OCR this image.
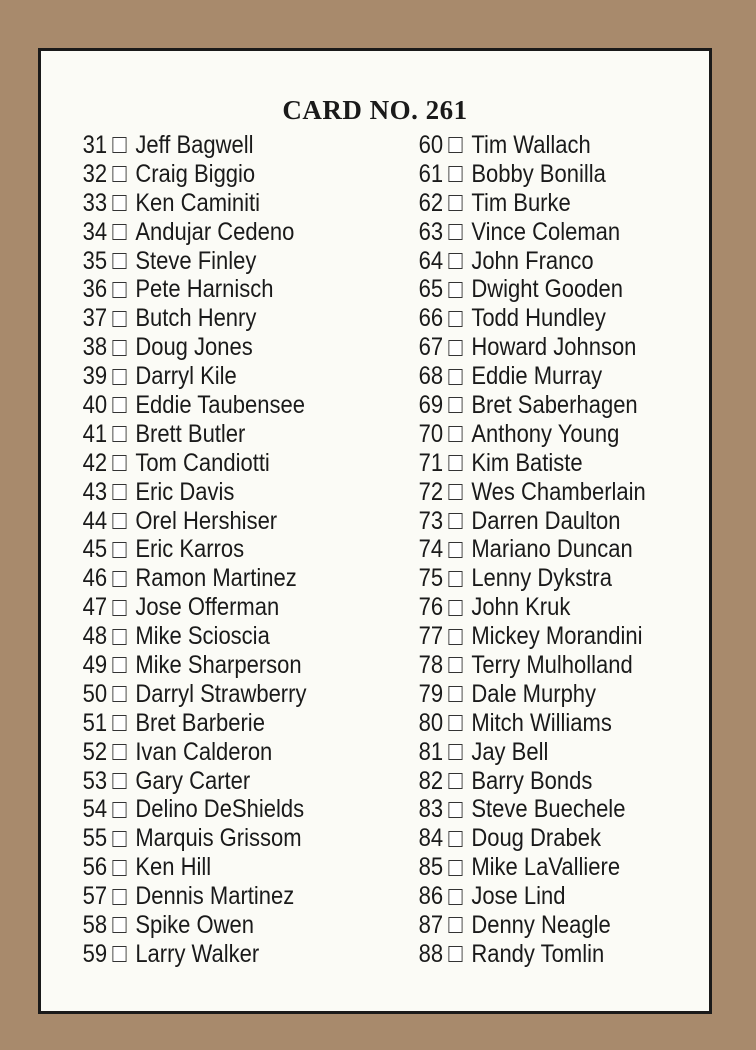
CARD NO. 261
31 Jeff Bagwell
32 Craig Biggio
33 Ken Caminiti
34 Andujar Cedeno
35 Steve Finley
36 Pete Harnisch
37 Butch Henry
38 Doug Jones
39 Darryl Kile
40 Eddie Taubensee
41 Brett Butler
42 Tom Candiotti
43 Eric Davis
44 Orel Hershiser
45 Eric Karros
46 Ramon Martinez
47 Jose Offerman
48 Mike Scioscia
49 Mike Sharperson
50 Darryl Strawberry
51 Bret Barberie
52 Ivan Calderon
53 Gary Carter
54 Delino DeShields
55 Marquis Grissom
56 Ken Hill
57 Dennis Martinez
58 Spike Owen
59 Larry Walker
60 Tim Wallach
61 Bobby Bonilla
62 Tim Burke
63 Vince Coleman
64 John Franco
65 Dwight Gooden
66 Todd Hundley
67 Howard Johnson
68 Eddie Murray
69 Bret Saberhagen
70 Anthony Young
71 Kim Batiste
72 Wes Chamberlain
73 Darren Daulton
74 Mariano Duncan
75 Lenny Dykstra
76 John Kruk
77 Mickey Morandini
78 Terry Mulholland
79 Dale Murphy
80 Mitch Williams
81 Jay Bell
82 Barry Bonds
83 Steve Buechele
84 Doug Drabek
85 Mike LaValliere
86 Jose Lind
87 Denny Neagle
88 Randy Tomlin
